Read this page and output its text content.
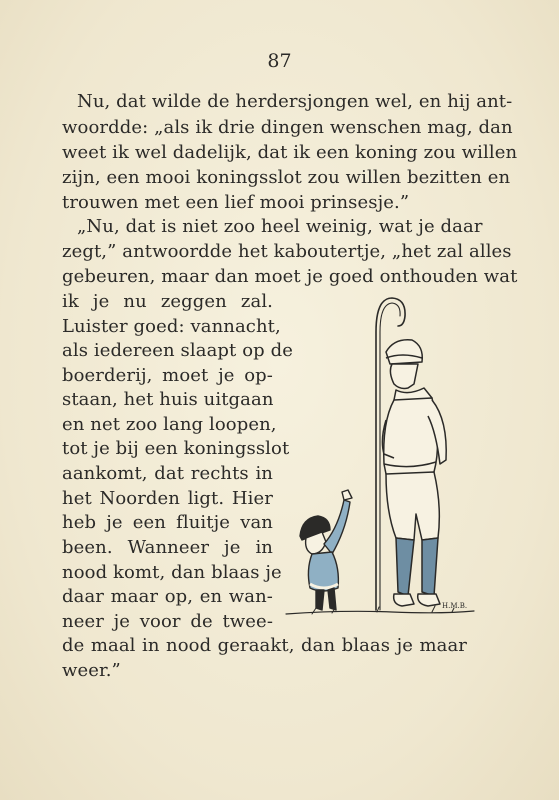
87

Nu, dat wilde de herdersjongen wel, en hij ant-

woordde: „als ik drie dingen wenschen mag, dan

weet ik wel dadelijk, dat ik een koning zou willen

zijn, een mooi koningsslot zou willen bezitten en

trouwen met een lief mooi prinsesje.”

„Nu, dat is niet zoo heel weinig, wat je daar

zegt,” antwoordde het kaboutertje, „het zal alles

gebeuren, maar dan moet je goed onthouden wat

ik je nu zeggen zal.

Luister goed: vannacht,

als iedereen slaapt op de

boerderij, moet je op-

staan, het huis uitgaan

en net zoo lang loopen,

tot je bij een koningsslot

aankomt, dat rechts in

het Noorden ligt. Hier

heb je een fluitje van

been. Wanneer je in

nood komt, dan blaas je

daar maar op, en wan-

neer je voor de twee-

de maal in nood geraakt, dan blaas je maar

weer.”

H.M.B.
